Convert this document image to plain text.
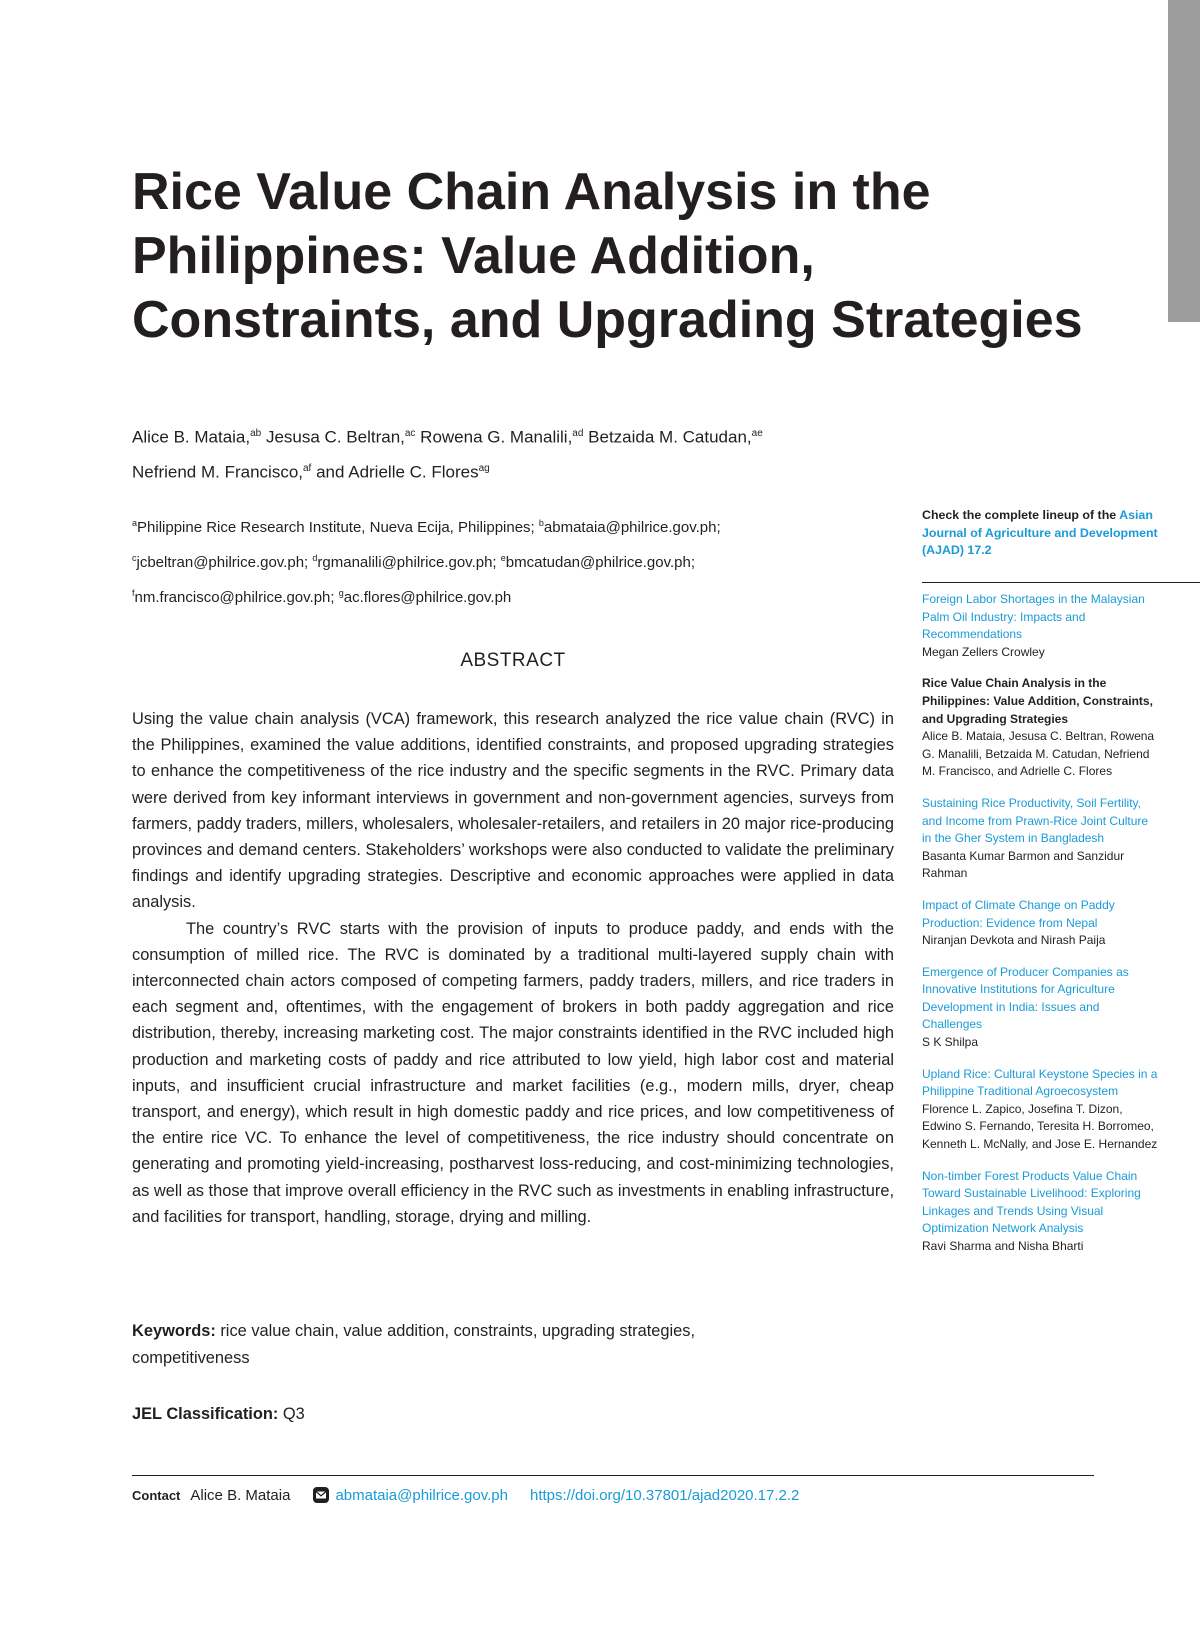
Rice Value Chain Analysis in the Philippines: Value Addition, Constraints, and Upgrading Strategies
Alice B. Mataia,$^{ab}$ Jesusa C. Beltran,$^{ac}$ Rowena G. Manalili,$^{ad}$ Betzaida M. Catudan,$^{ae}$
Nefriend M. Francisco,$^{af}$ and Adrielle C. Flores$^{ag}$
$^a$Philippine Rice Research Institute, Nueva Ecija, Philippines; $^b$abmataia@philrice.gov.ph;
$^c$jcbeltran@philrice.gov.ph; $^d$rgmanalili@philrice.gov.ph; $^e$bmcatudan@philrice.gov.ph;
$^f$nm.francisco@philrice.gov.ph; $^g$ac.flores@philrice.gov.ph
ABSTRACT

Using the value chain analysis (VCA) framework, this research analyzed the rice value chain (RVC) in the Philippines, examined the value additions, identified constraints, and proposed upgrading strategies to enhance the competitiveness of the rice industry and the specific segments in the RVC. Primary data were derived from key informant interviews in government and non-government agencies, surveys from farmers, paddy traders, millers, wholesalers, wholesaler-retailers, and retailers in 20 major rice-producing provinces and demand centers. Stakeholders’ workshops were also conducted to validate the preliminary findings and identify upgrading strategies. Descriptive and economic approaches were applied in data analysis.

The country’s RVC starts with the provision of inputs to produce paddy, and ends with the consumption of milled rice. The RVC is dominated by a traditional multi-layered supply chain with interconnected chain actors composed of competing farmers, paddy traders, millers, and rice traders in each segment and, oftentimes, with the engagement of brokers in both paddy aggregation and rice distribution, thereby, increasing marketing cost. The major constraints identified in the RVC included high production and marketing costs of paddy and rice attributed to low yield, high labor cost and material inputs, and insufficient crucial infrastructure and market facilities (e.g., modern mills, dryer, cheap transport, and energy), which result in high domestic paddy and rice prices, and low competitiveness of the entire rice VC. To enhance the level of competitiveness, the rice industry should concentrate on generating and promoting yield-increasing, postharvest loss-reducing, and cost-minimizing technologies, as well as those that improve overall efficiency in the RVC such as investments in enabling infrastructure, and facilities for transport, handling, storage, drying and milling.

Keywords: rice value chain, value addition, constraints, upgrading strategies, competitiveness
JEL Classification: Q3
Contact Alice B. Mataia	abmataia@philrice.gov.ph https://doi.org/10.37801/ajad2020.17.2.2
Check the complete lineup of the Asian Journal of Agriculture and Development (AJAD) 17.2
Foreign Labor Shortages in the Malaysian Palm Oil Industry: Impacts and Recommendations
Megan Zellers Crowley
Rice Value Chain Analysis in the Philippines: Value Addition, Constraints, and Upgrading Strategies
Alice B. Mataia, Jesusa C. Beltran, Rowena G. Manalili, Betzaida M. Catudan, Nefriend M. Francisco, and Adrielle C. Flores
Sustaining Rice Productivity, Soil Fertility, and Income from Prawn-Rice Joint Culture in the Gher System in Bangladesh
Basanta Kumar Barmon and Sanzidur Rahman
Impact of Climate Change on Paddy Production: Evidence from Nepal
Niranjan Devkota and Nirash Paija
Emergence of Producer Companies as Innovative Institutions for Agriculture Development in India: Issues and Challenges
S K Shilpa
Upland Rice: Cultural Keystone Species in a Philippine Traditional Agroecosystem
Florence L. Zapico, Josefina T. Dizon, Edwino S. Fernando, Teresita H. Borromeo, Kenneth L. McNally, and Jose E. Hernandez
Non-timber Forest Products Value Chain Toward Sustainable Livelihood: Exploring Linkages and Trends Using Visual Optimization Network Analysis
Ravi Sharma and Nisha Bharti
